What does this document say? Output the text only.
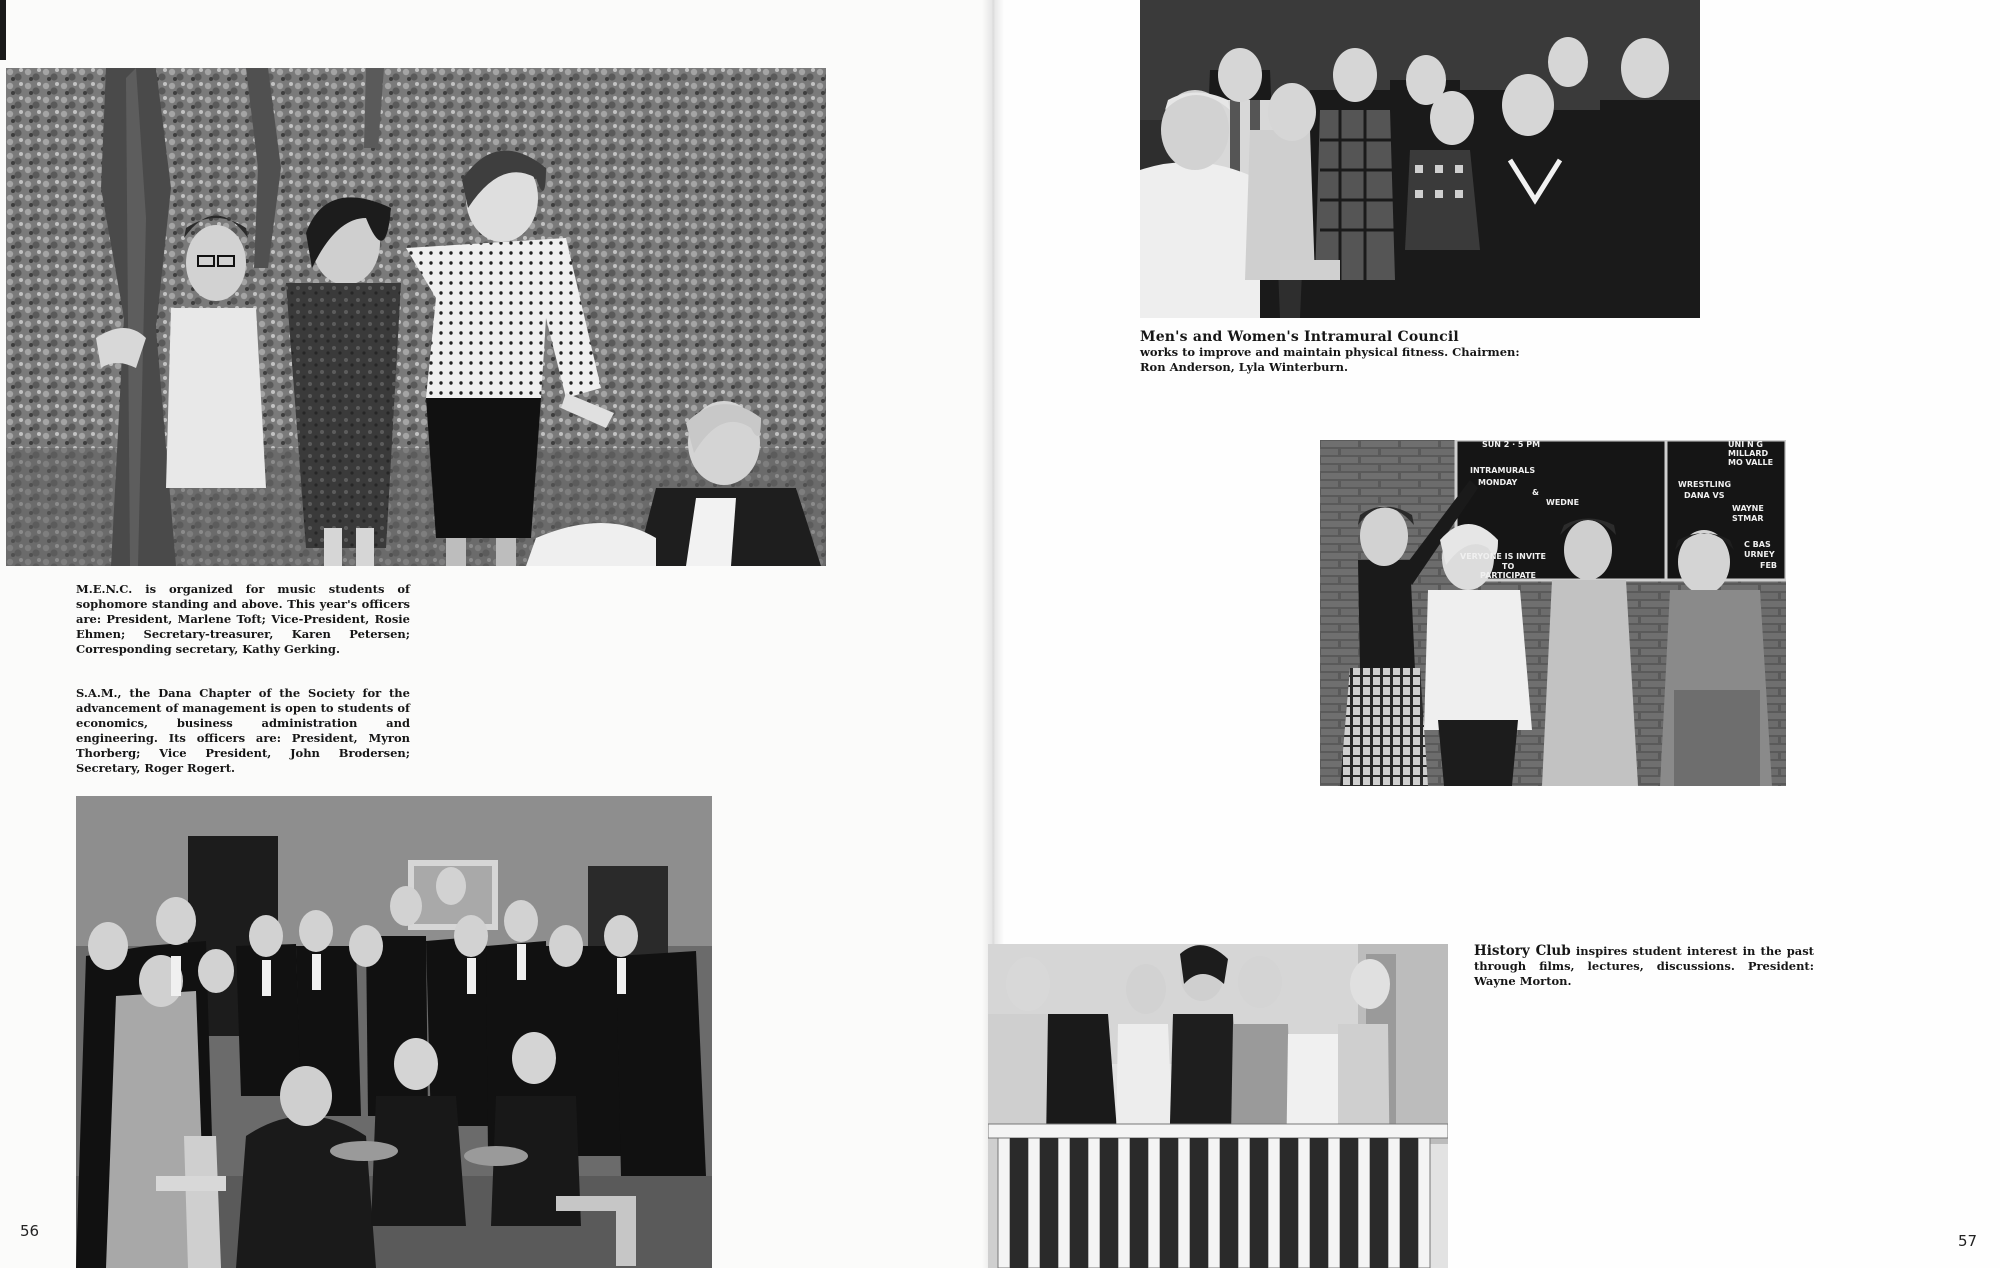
M.E.N.C. is organized for music students of sophomore standing and above. This year's officers are: President, Marlene Toft; Vice-President, Rosie Ehmen; Secretary-treasurer, Karen Petersen; Corresponding secretary, Kathy Gerking.
S.A.M., the Dana Chapter of the Society for the advancement of management is open to students of economics, business administration and engineering. Its officers are: President, Myron Thorberg; Vice President, John Brodersen; Secretary, Roger Rogert.
56
Men's and Women's Intramural Council
works to improve and maintain physical fitness. Chairmen: Ron Anderson, Lyla Winterburn.
SUN 2 · 5 PM
INTRAMURALS
MONDAY
&
WEDNE
VERYONE IS INVITE
TO
PARTICIPATE
UNI N G
MILLARD
MO VALLE
WRESTLING
DANA VS
WAYNE
STMAR
C BAS
URNEY
FEB
History Club inspires student interest in the past through films, lectures, discussions. President: Wayne Morton.
57
